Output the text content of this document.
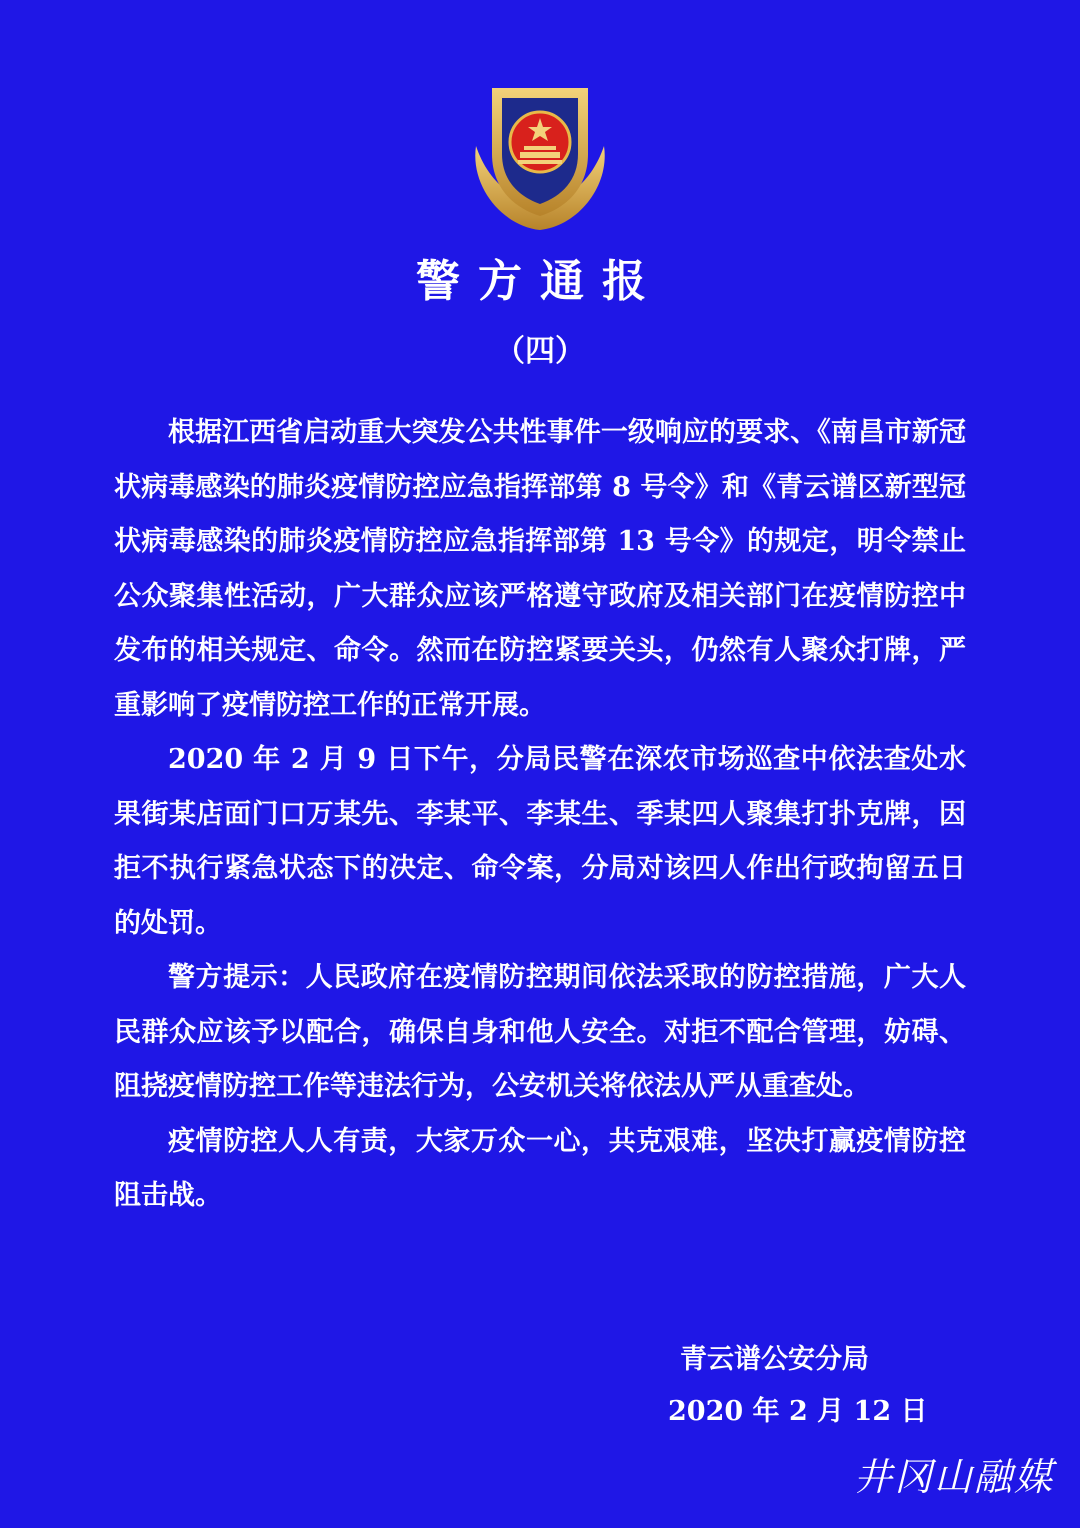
警方通报
（四）

根据江西省启动重大突发公共性事件一级响应的要求、《南昌市新冠状病毒感染的肺炎疫情防控应急指挥部第 8 号令》和《青云谱区新型冠状病毒感染的肺炎疫情防控应急指挥部第 13 号令》的规定，明令禁止公众聚集性活动，广大群众应该严格遵守政府及相关部门在疫情防控中发布的相关规定、命令。然而在防控紧要关头，仍然有人聚众打牌，严重影响了疫情防控工作的正常开展。

2020 年 2 月 9 日下午，分局民警在深农市场巡查中依法查处水果街某店面门口万某先、李某平、李某生、季某四人聚集打扑克牌，因拒不执行紧急状态下的决定、命令案，分局对该四人作出行政拘留五日的处罚。

警方提示：人民政府在疫情防控期间依法采取的防控措施，广大人民群众应该予以配合，确保自身和他人安全。对拒不配合管理，妨碍、阻挠疫情防控工作等违法行为，公安机关将依法从严从重查处。

疫情防控人人有责，大家万众一心，共克艰难，坚决打赢疫情防控阻击战。

青云谱公安分局
2020 年 2 月 12 日
井冈山融媒
